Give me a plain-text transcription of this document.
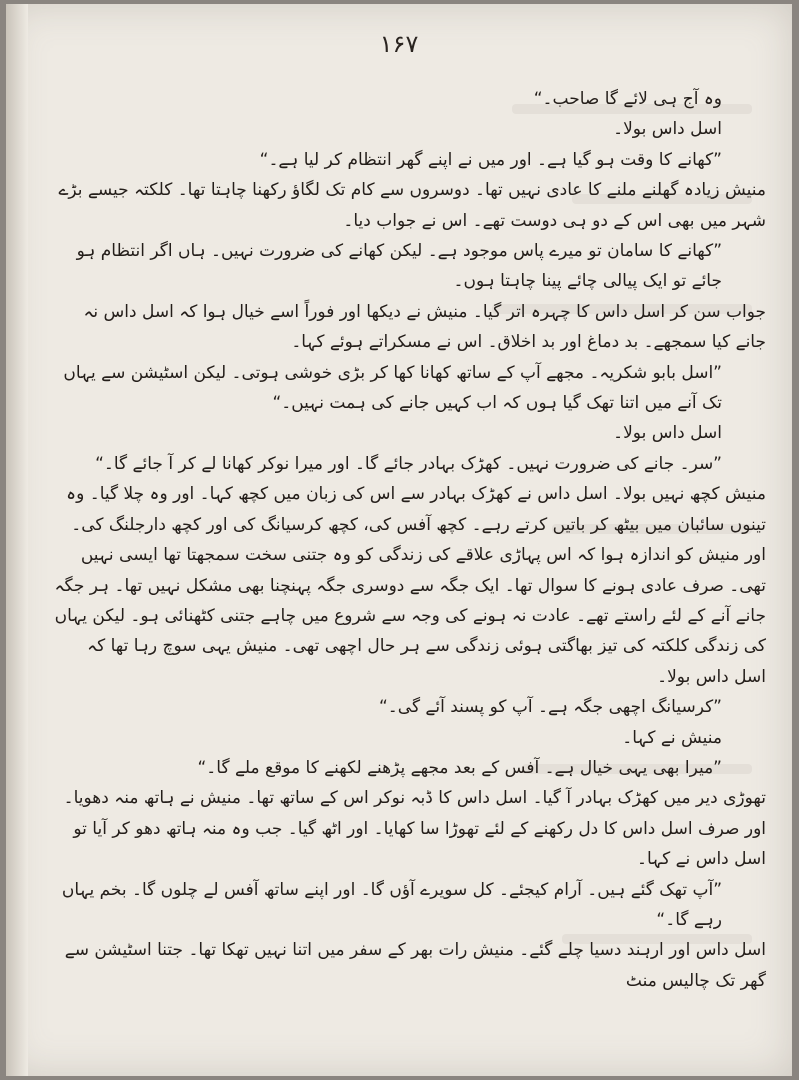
۱۶۷

وہ آج ہی لائے گا صاحب۔“

اسل داس بولا۔

”کھانے کا وقت ہو گیا ہے۔ اور میں نے اپنے گھر انتظام کر لیا ہے۔“

منیش زیادہ گھلنے ملنے کا عادی نہیں تھا۔ دوسروں سے کام تک لگاؤ رکھنا چاہتا تھا۔ کلکتہ جیسے بڑے شہر میں بھی اس کے دو ہی دوست تھے۔ اس نے جواب دیا۔

”کھانے کا سامان تو میرے پاس موجود ہے۔ لیکن کھانے کی ضرورت نہیں۔ ہاں اگر انتظام ہو جائے تو ایک پیالی چائے پینا چاہتا ہوں۔

جواب سن کر اسل داس کا چہرہ اتر گیا۔ منیش نے دیکھا اور فوراً اسے خیال ہوا کہ اسل داس نہ جانے کیا سمجھے۔ بد دماغ اور بد اخلاق۔ اس نے مسکراتے ہوئے کہا۔

”اسل بابو شکریہ۔ مجھے آپ کے ساتھ کھانا کھا کر بڑی خوشی ہوتی۔ لیکن اسٹیشن سے یہاں تک آنے میں اتنا تھک گیا ہوں کہ اب کہیں جانے کی ہمت نہیں۔“

اسل داس بولا۔

”سر۔ جانے کی ضرورت نہیں۔ کھڑک بہادر جائے گا۔ اور میرا نوکر کھانا لے کر آ جائے گا۔“

منیش کچھ نہیں بولا۔ اسل داس نے کھڑک بہادر سے اس کی زبان میں کچھ کہا۔ اور وہ چلا گیا۔ وہ تینوں سائبان میں بیٹھ کر باتیں کرتے رہے۔ کچھ آفس کی، کچھ کرسیانگ کی اور کچھ دارجلنگ کی۔ اور منیش کو اندازہ ہوا کہ اس پہاڑی علاقے کی زندگی کو وہ جتنی سخت سمجھتا تھا ایسی نہیں تھی۔ صرف عادی ہونے کا سوال تھا۔ ایک جگہ سے دوسری جگہ پہنچنا بھی مشکل نہیں تھا۔ ہر جگہ جانے آنے کے لئے راستے تھے۔ عادت نہ ہونے کی وجہ سے شروع میں چاہے جتنی کٹھنائی ہو۔ لیکن یہاں کی زندگی کلکتہ کی تیز بھاگتی ہوئی زندگی سے ہر حال اچھی تھی۔ منیش یہی سوچ رہا تھا کہ اسل داس بولا۔

”کرسیانگ اچھی جگہ ہے۔ آپ کو پسند آئے گی۔“

منیش نے کہا۔

”میرا بھی یہی خیال ہے۔ آفس کے بعد مجھے پڑھنے لکھنے کا موقع ملے گا۔“

تھوڑی دیر میں کھڑک بہادر آ گیا۔ اسل داس کا ڈبہ نوکر اس کے ساتھ تھا۔ منیش نے ہاتھ منہ دھویا۔ اور صرف اسل داس کا دل رکھنے کے لئے تھوڑا سا کھایا۔ اور اٹھ گیا۔ جب وہ منہ ہاتھ دھو کر آیا تو اسل داس نے کہا۔

”آپ تھک گئے ہیں۔ آرام کیجئے۔ کل سویرے آؤں گا۔ اور اپنے ساتھ آفس لے چلوں گا۔ بخم یہاں رہے گا۔“

اسل داس اور ارہند دسیا چلے گئے۔ منیش رات بھر کے سفر میں اتنا نہیں تھکا تھا۔ جتنا اسٹیشن سے گھر تک چالیس منٹ
